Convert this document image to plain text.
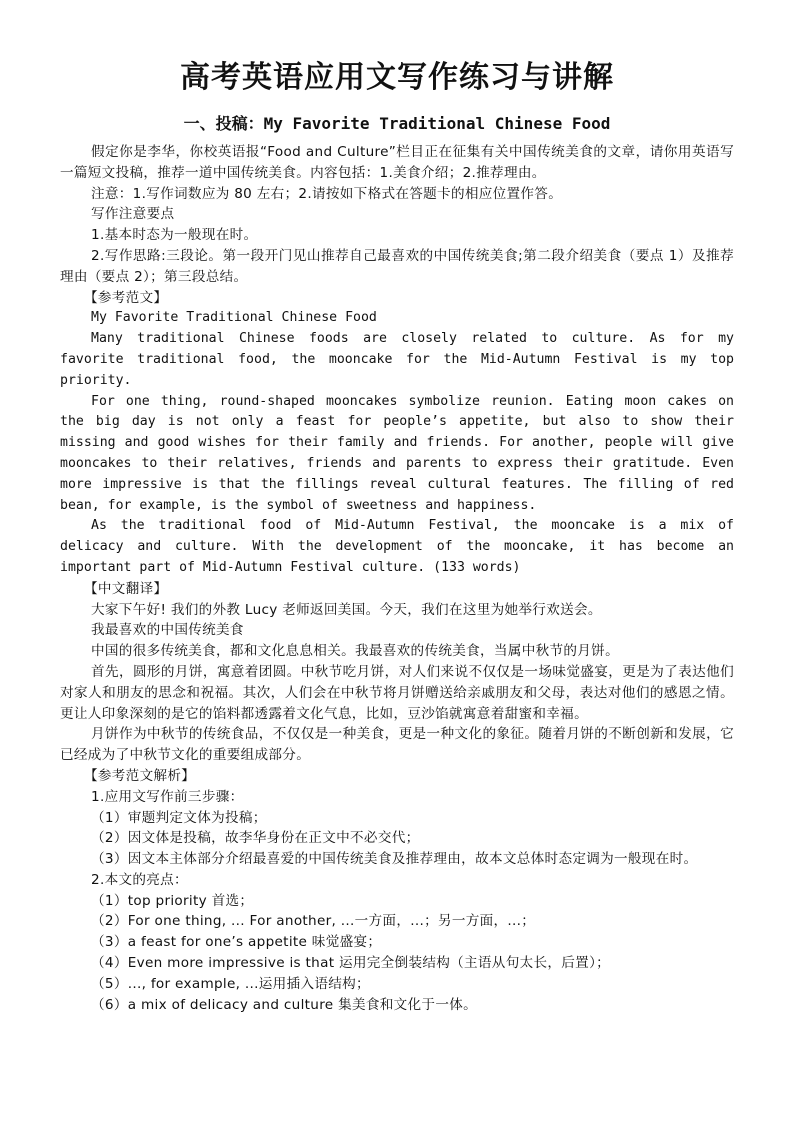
高考英语应用文写作练习与讲解
一、投稿：My Favorite Traditional Chinese Food

假定你是李华，你校英语报“Food and Culture”栏目正在征集有关中国传统美食的文章，请你用英语写一篇短文投稿，推荐一道中国传统美食。内容包括：1.美食介绍；2.推荐理由。

注意：1.写作词数应为 80 左右；2.请按如下格式在答题卡的相应位置作答。

写作注意要点

1.基本时态为一般现在时。

2.写作思路:三段论。第一段开门见山推荐自己最喜欢的中国传统美食;第二段介绍美食（要点 1）及推荐理由（要点 2）；第三段总结。

【参考范文】

My Favorite Traditional Chinese Food

Many traditional Chinese foods are closely related to culture. As for my favorite traditional food, the mooncake for the Mid-Autumn Festival is my top priority.

For one thing, round-shaped mooncakes symbolize reunion. Eating moon cakes on the big day is not only a feast for people’s appetite, but also to show their missing and good wishes for their family and friends. For another, people will give mooncakes to their relatives, friends and parents to express their gratitude. Even more impressive is that the fillings reveal cultural features. The filling of red bean, for example, is the symbol of sweetness and happiness.

As the traditional food of Mid-Autumn Festival, the mooncake is a mix of delicacy and culture. With the development of the mooncake, it has become an important part of Mid-Autumn Festival culture. (133 words)

【中文翻译】

大家下午好! 我们的外教 Lucy 老师返回美国。今天，我们在这里为她举行欢送会。

我最喜欢的中国传统美食

中国的很多传统美食，都和文化息息相关。我最喜欢的传统美食，当属中秋节的月饼。

首先，圆形的月饼，寓意着团圆。中秋节吃月饼，对人们来说不仅仅是一场味觉盛宴，更是为了表达他们对家人和朋友的思念和祝福。其次，人们会在中秋节将月饼赠送给亲戚朋友和父母，表达对他们的感恩之情。更让人印象深刻的是它的馅料都透露着文化气息，比如，豆沙馅就寓意着甜蜜和幸福。

月饼作为中秋节的传统食品，不仅仅是一种美食，更是一种文化的象征。随着月饼的不断创新和发展，它已经成为了中秋节文化的重要组成部分。

【参考范文解析】

1.应用文写作前三步骤：

（1）审题判定文体为投稿；

（2）因文体是投稿，故李华身份在正文中不必交代；

（3）因文本主体部分介绍最喜爱的中国传统美食及推荐理由，故本文总体时态定调为一般现在时。

2.本文的亮点：

（1）top priority 首选；

（2）For one thing, ... For another, ...一方面，...；另一方面，...；

（3）a feast for one’s appetite 味觉盛宴；

（4）Even more impressive is that 运用完全倒装结构（主语从句太长，后置）；

（5）..., for example, ...运用插入语结构；

（6）a mix of delicacy and culture 集美食和文化于一体。
